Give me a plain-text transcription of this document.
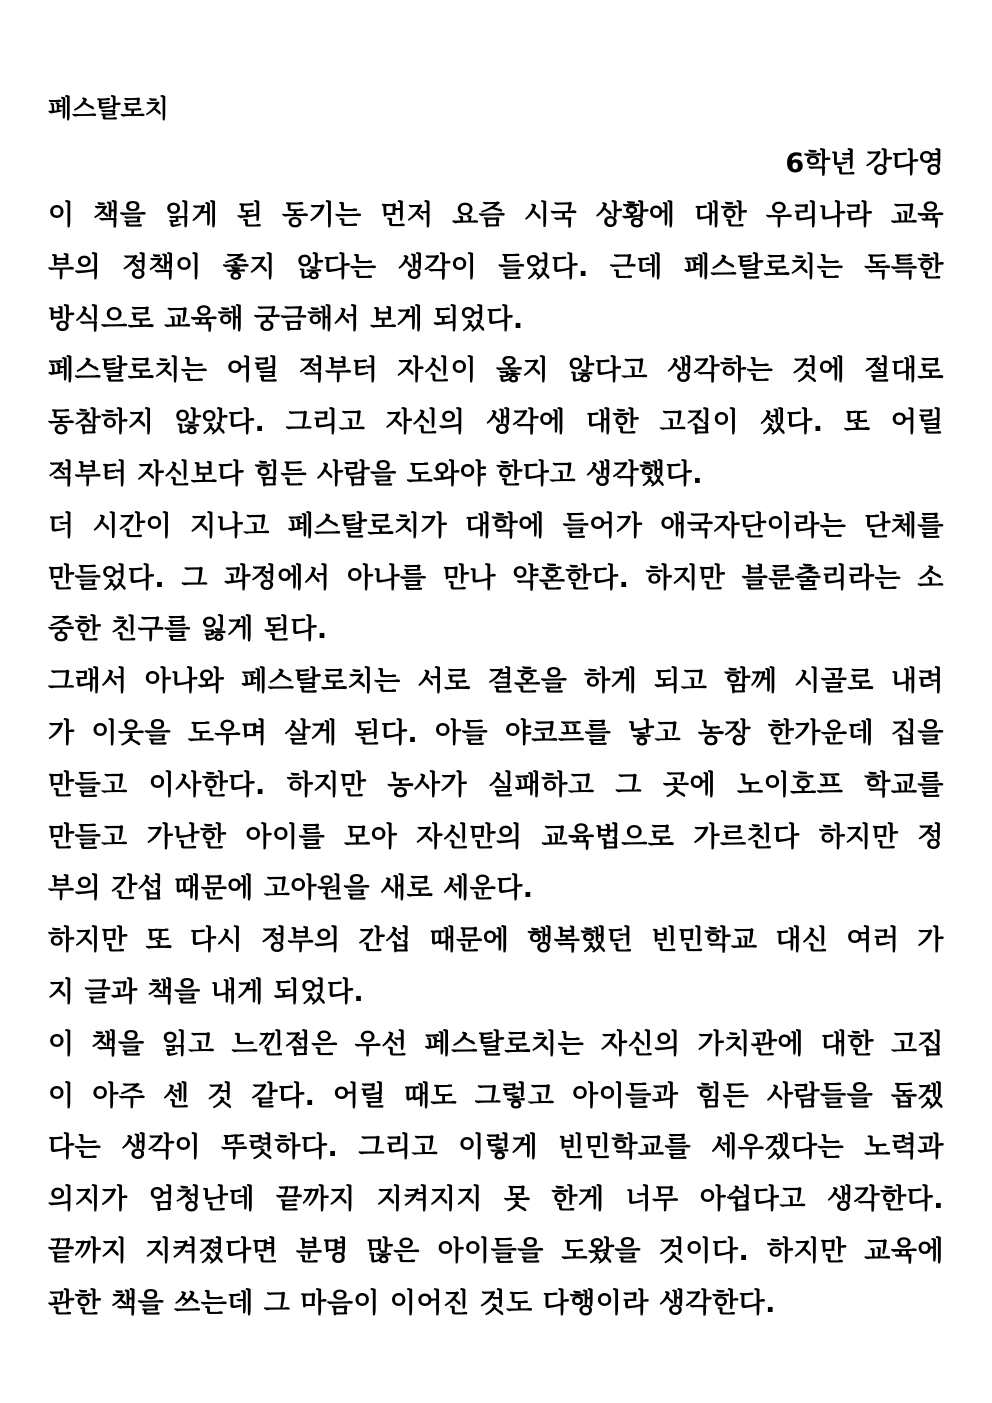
페스탈로치
6학년 강다영
이 책을 읽게 된 동기는 먼저 요즘 시국 상황에 대한 우리나라 교육
부의 정책이 좋지 않다는 생각이 들었다. 근데 페스탈로치는 독특한
방식으로 교육해 궁금해서 보게 되었다.
페스탈로치는 어릴 적부터 자신이 옳지 않다고 생각하는 것에 절대로
동참하지 않았다. 그리고 자신의 생각에 대한 고집이 셌다. 또 어릴
적부터 자신보다 힘든 사람을 도와야 한다고 생각했다.
더 시간이 지나고 페스탈로치가 대학에 들어가 애국자단이라는 단체를
만들었다. 그 과정에서 아나를 만나 약혼한다. 하지만 블룬출리라는 소
중한 친구를 잃게 된다.
그래서 아나와 페스탈로치는 서로 결혼을 하게 되고 함께 시골로 내려
가 이웃을 도우며 살게 된다. 아들 야코프를 낳고 농장 한가운데 집을
만들고 이사한다. 하지만 농사가 실패하고 그 곳에 노이호프 학교를
만들고 가난한 아이를 모아 자신만의 교육법으로 가르친다 하지만 정
부의 간섭 때문에 고아원을 새로 세운다.
하지만 또 다시 정부의 간섭 때문에 행복했던 빈민학교 대신 여러 가
지 글과 책을 내게 되었다.
이 책을 읽고 느낀점은 우선 페스탈로치는 자신의 가치관에 대한 고집
이 아주 센 것 같다. 어릴 때도 그렇고 아이들과 힘든 사람들을 돕겠
다는 생각이 뚜렷하다. 그리고 이렇게 빈민학교를 세우겠다는 노력과
의지가 엄청난데 끝까지 지켜지지 못 한게 너무 아쉽다고 생각한다.
끝까지 지켜졌다면 분명 많은 아이들을 도왔을 것이다. 하지만 교육에
관한 책을 쓰는데 그 마음이 이어진 것도 다행이라 생각한다.
